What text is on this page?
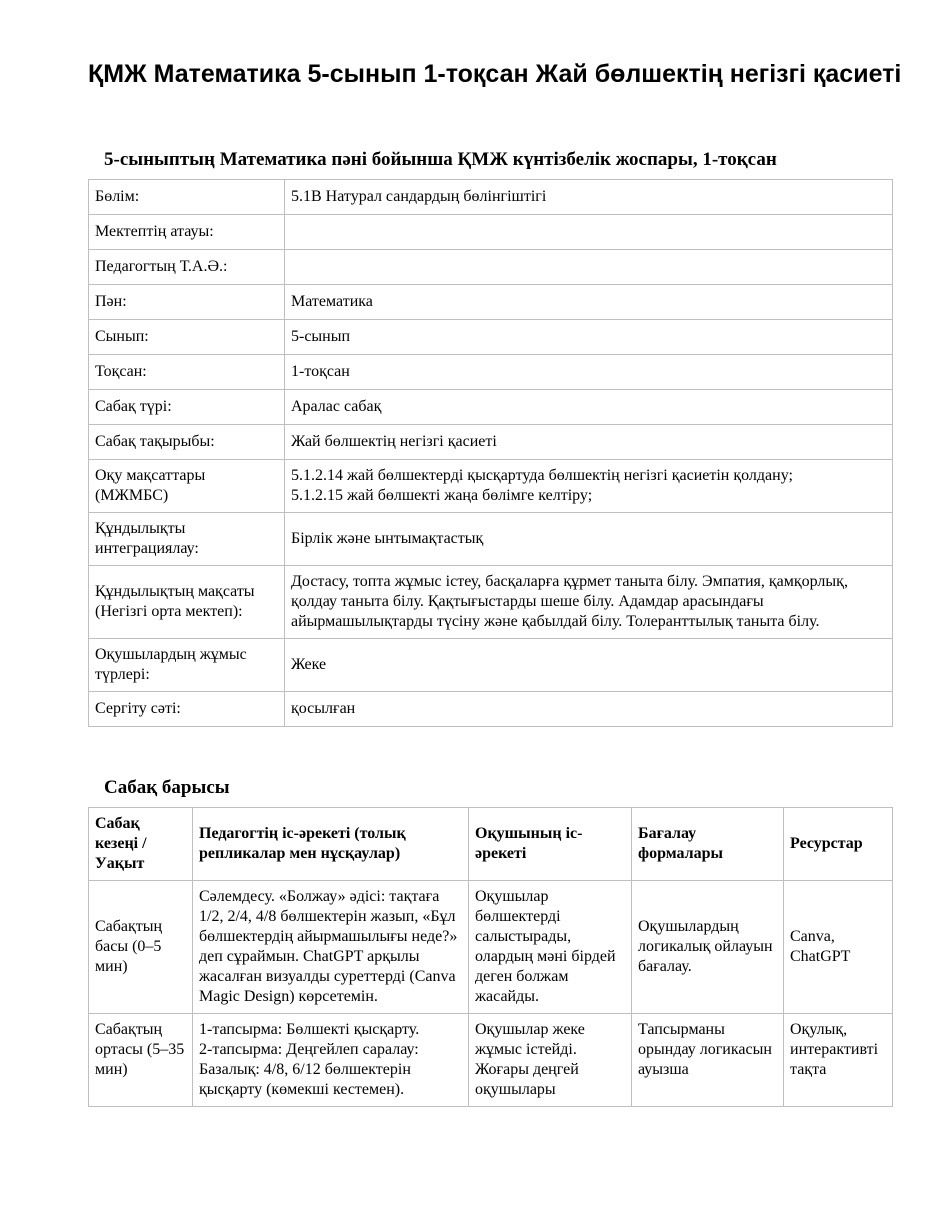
ҚМЖ Математика 5-сынып 1-тоқсан Жай бөлшектің негізгі қасиеті
5-сыныптың Математика пәні бойынша ҚМЖ күнтізбелік жоспары, 1-тоқсан
Бөлім:	5.1В Натурал сандардың бөлінгіштігі
Мектептің атауы:	
Педагогтың Т.А.Ә.:	
Пән:	Математика
Сынып:	5-сынып
Тоқсан:	1-тоқсан
Сабақ түрі:	Аралас сабақ
Сабақ тақырыбы:	Жай бөлшектің негізгі қасиеті
Оқу мақсаттары (МЖМБС)	5.1.2.14 жай бөлшектерді қысқартуда бөлшектің негізгі қасиетін қолдану;
5.1.2.15 жай бөлшекті жаңа бөлімге келтіру;
Құндылықты интеграциялау:	Бірлік және ынтымақтастық
Құндылықтың мақсаты (Негізгі орта мектеп):	Достасу, топта жұмыс істеу, басқаларға құрмет таныта білу. Эмпатия, қамқорлық, қолдау таныта білу. Қақтығыстарды шеше білу. Адамдар арасындағы айырмашылықтарды түсіну және қабылдай білу. Толеранттылық таныта білу.
Оқушылардың жұмыс түрлері:	Жеке
Сергіту сәті:	қосылған
Сабақ барысы
Сабақ кезеңі / Уақыт	Педагогтің іс-әрекеті (толық репликалар мен нұсқаулар)	Оқушының іс-әрекеті	Бағалау формалары	Ресурстар
Сабақтың басы (0–5 мин)	Сәлемдесу. «Болжау» әдісі: тақтаға 1/2, 2/4, 4/8 бөлшектерін жазып, «Бұл бөлшектердің айырмашылығы неде?» деп сұраймын. ChatGPT арқылы жасалған визуалды суреттерді (Canva Magic Design) көрсетемін.	Оқушылар бөлшектерді салыстырады, олардың мәні бірдей деген болжам жасайды.	Оқушылардың логикалық ойлауын бағалау.	Canva, ChatGPT
Сабақтың ортасы (5–35 мин)	1-тапсырма: Бөлшекті қысқарту.
2-тапсырма: Деңгейлеп саралау: Базалық: 4/8, 6/12 бөлшектерін қысқарту (көмекші кестемен).	Оқушылар жеке жұмыс істейді. Жоғары деңгей оқушылары	Тапсырманы орындау логикасын ауызша	Оқулық, интерактивті тақта
